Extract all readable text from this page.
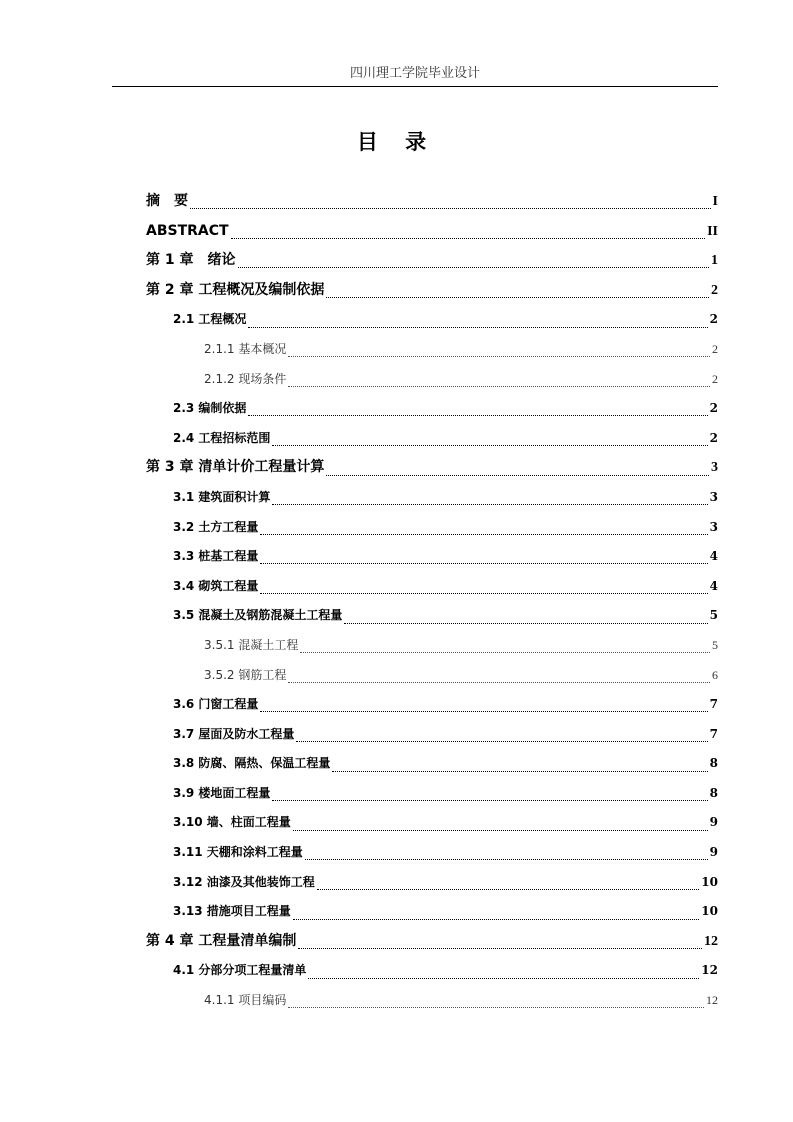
四川理工学院毕业设计
目 录
摘　要	I
ABSTRACT	II
第 1 章　绪论	1
第 2 章 工程概况及编制依据	2
2.1 工程概况	2
2.1.1 基本概况	2
2.1.2 现场条件	2
2.3 编制依据	2
2.4 工程招标范围	2
第 3 章 清单计价工程量计算	3
3.1 建筑面积计算	3
3.2 土方工程量	3
3.3 桩基工程量	4
3.4 砌筑工程量	4
3.5 混凝土及钢筋混凝土工程量	5
3.5.1 混凝土工程	5
3.5.2 钢筋工程	6
3.6 门窗工程量	7
3.7 屋面及防水工程量	7
3.8 防腐、隔热、保温工程量	8
3.9 楼地面工程量	8
3.10 墙、柱面工程量	9
3.11 天棚和涂料工程量	9
3.12 油漆及其他装饰工程	10
3.13 措施项目工程量	10
第 4 章 工程量清单编制	12
4.1 分部分项工程量清单	12
4.1.1 项目编码	12
